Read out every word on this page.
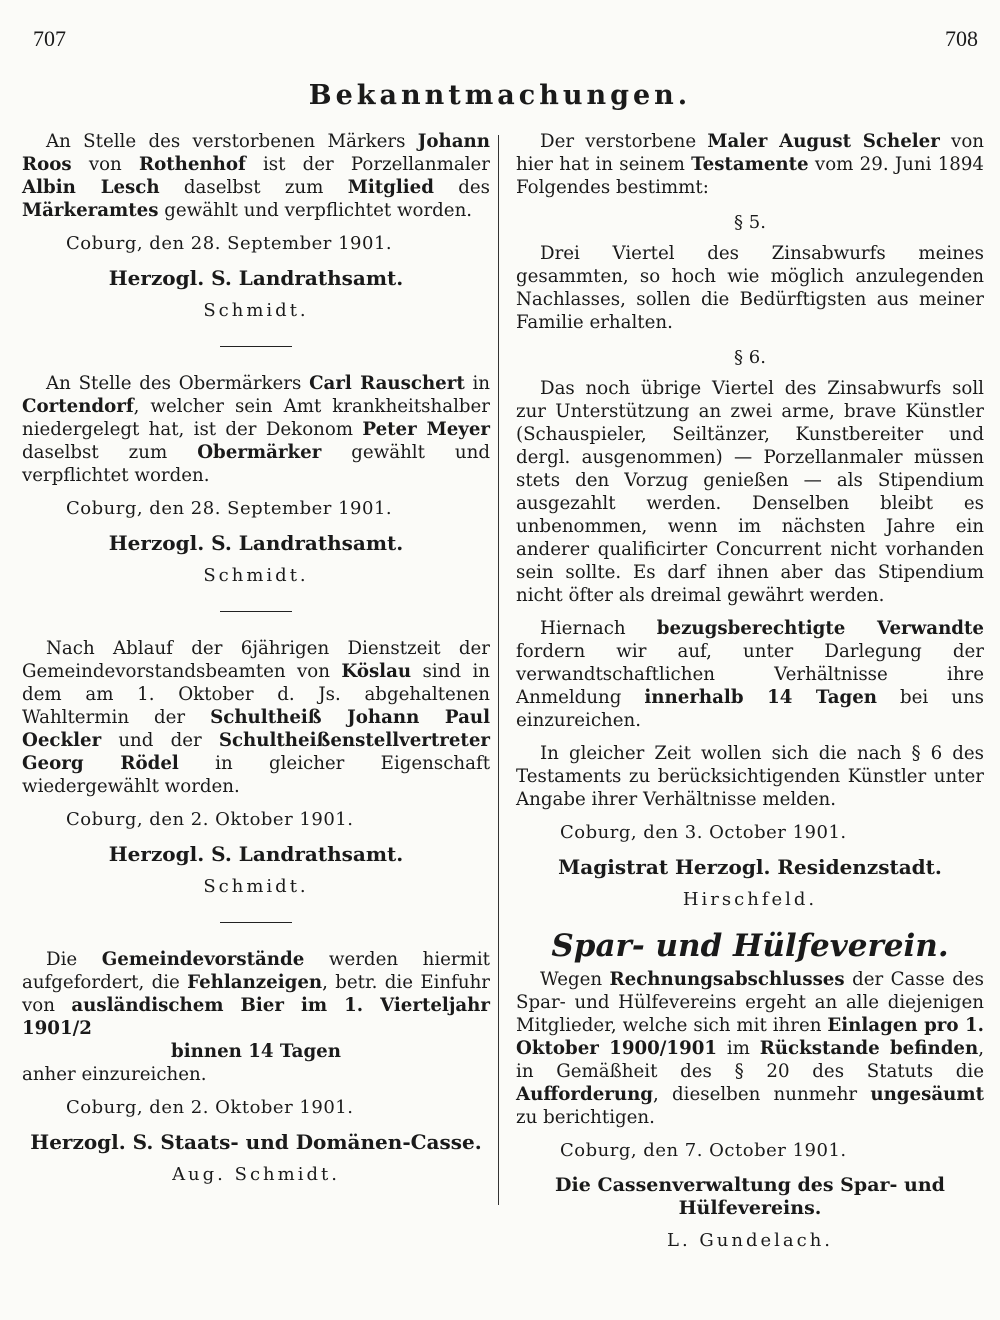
707	708
Bekanntmachungen.

An Stelle des verstorbenen Märkers Johann Roos von Rothenhof ist der Porzellanmaler Albin Lesch daselbst zum Mitglied des Märkeramtes gewählt und verpflichtet worden.

Coburg, den 28. September 1901.
Herzogl. S. Landrathsamt.
Schmidt.

An Stelle des Obermärkers Carl Rauschert in Cortendorf, welcher sein Amt krankheitshalber niedergelegt hat, ist der Dekonom Peter Meyer daselbst zum Obermärker gewählt und verpflichtet worden.

Coburg, den 28. September 1901.
Herzogl. S. Landrathsamt.
Schmidt.

Nach Ablauf der 6jährigen Dienstzeit der Gemeindevorstandsbeamten von Köslau sind in dem am 1. Oktober d. Js. abgehaltenen Wahltermin der Schultheiß Johann Paul Oeckler und der Schultheißenstellvertreter Georg Rödel in gleicher Eigenschaft wiedergewählt worden.

Coburg, den 2. Oktober 1901.
Herzogl. S. Landrathsamt.
Schmidt.

Die Gemeindevorstände werden hiermit aufgefordert, die Fehlanzeigen, betr. die Einfuhr von ausländischem Bier im 1. Vierteljahr 1901/2

binnen 14 Tagen

anher einzureichen.

Coburg, den 2. Oktober 1901.
Herzogl. S. Staats- und Domänen-Casse.
Aug. Schmidt.

Der verstorbene Maler August Scheler von hier hat in seinem Testamente vom 29. Juni 1894 Folgendes bestimmt:

§ 5.

Drei Viertel des Zinsabwurfs meines gesammten, so hoch wie möglich anzulegenden Nachlasses, sollen die Bedürftigsten aus meiner Familie erhalten.

§ 6.

Das noch übrige Viertel des Zinsabwurfs soll zur Unterstützung an zwei arme, brave Künstler (Schauspieler, Seiltänzer, Kunstbereiter und dergl. ausgenommen) — Porzellanmaler müssen stets den Vorzug genießen — als Stipendium ausgezahlt werden. Denselben bleibt es unbenommen, wenn im nächsten Jahre ein anderer qualificirter Concurrent nicht vorhanden sein sollte. Es darf ihnen aber das Stipendium nicht öfter als dreimal gewährt werden.

Hiernach bezugsberechtigte Verwandte fordern wir auf, unter Darlegung der verwandtschaftlichen Verhältnisse ihre Anmeldung innerhalb 14 Tagen bei uns einzureichen.

In gleicher Zeit wollen sich die nach § 6 des Testaments zu berücksichtigenden Künstler unter Angabe ihrer Verhältnisse melden.

Coburg, den 3. October 1901.
Magistrat Herzogl. Residenzstadt.
Hirschfeld.
Spar- und Hülfeverein.

Wegen Rechnungsabschlusses der Casse des Spar- und Hülfevereins ergeht an alle diejenigen Mitglieder, welche sich mit ihren Einlagen pro 1. Oktober 1900/1901 im Rückstande befinden, in Gemäßheit des § 20 des Statuts die Aufforderung, dieselben nunmehr ungesäumt zu berichtigen.

Coburg, den 7. October 1901.
Die Cassenverwaltung des Spar- und Hülfevereins.
L. Gundelach.
